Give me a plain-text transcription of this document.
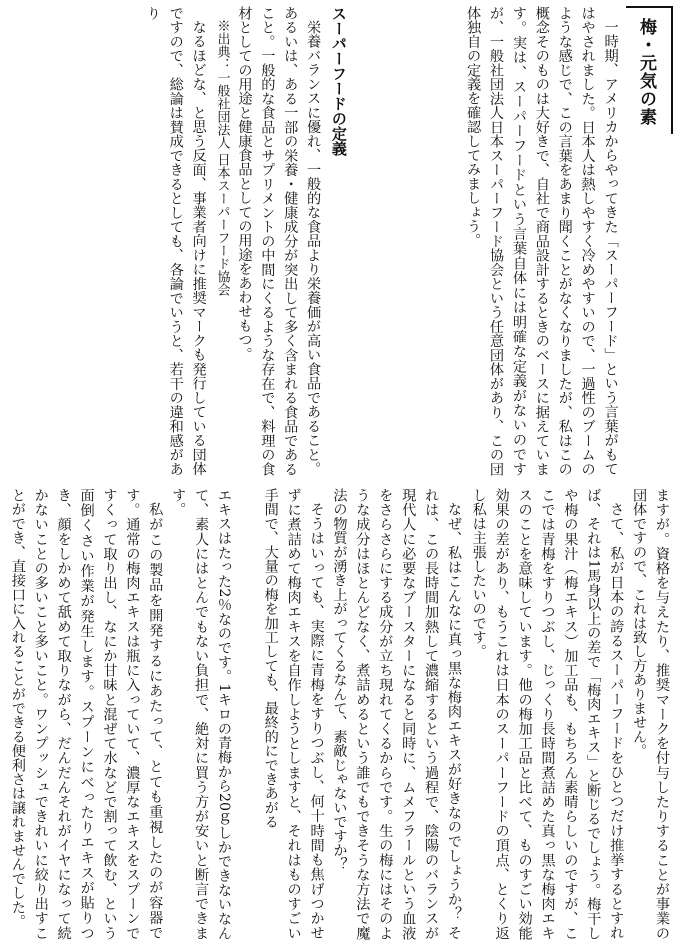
梅・元気の素

一時期、アメリカからやってきた「スーパーフード」という言葉がもてはやされました。日本人は熱しやすく冷めやすいので、一過性のブームのような感じで、この言葉をあまり聞くことがなくなりましたが、私はこの概念そのものは大好きで、自社で商品設計するときのベースに据えています。実は、スーパーフードという言葉自体には明確な定義がないのですが、一般社団法人日本スーパーフード協会という任意団体があり、この団体独自の定義を確認してみましょう。

スーパーフードの定義

栄養バランスに優れ、一般的な食品より栄養価が高い食品であること。あるいは、ある一部の栄養・健康成分が突出して多く含まれる食品であること。一般的な食品とサプリメントの中間にくるような存在で、料理の食材としての用途と健康食品としての用途をあわせもつ。

※出典：一般社団法人 日本スーパーフード協会

なるほどな、と思う反面、事業者向けに推奨マークも発行している団体ですので、総論は賛成できるとしても、各論でいうと、若干の違和感があり

ますが。資格を与えたり、推奨マークを付与したりすることが事業の団体ですので、これは致し方ありません。

さて、私が日本の誇るスーパーフードをひとつだけ推挙するとすれば、それは1馬身以上の差で「梅肉エキス」と断じるでしょう。梅干しや梅の果汁（梅エキス）加工品も、もちろん素晴らしいのですが、ここでは青梅をすりつぶし、じっくり長時間煮詰めた真っ黒な梅肉エキスのことを意味しています。他の梅加工品と比べて、ものすごい効能効果の差があり、もうこれは日本のスーパーフードの頂点、とくり返し私は主張したいのです。

なぜ、私はこんなに真っ黒な梅肉エキスが好きなのでしょうか？ それは、この長時間加熱して濃縮するという過程で、陰陽のバランスが現代人に必要なブースターになると同時に、ムメフラールという血液をさらさらにする成分が立ち現れてくるからです。生の梅にはそのような成分はほとんどなく、煮詰めるという誰でもできそうな方法で魔法の物質が湧き上がってくるなんて、素敵じゃないですか？

そうはいっても、実際に青梅をすりつぶし、何十時間も焦げつかせずに煮詰めて梅肉エキスを自作しようとしますと、それはものすごい手間で、大量の梅を加工しても、最終的にできあがる

エキスはたった2％なのです。1キロの青梅から20ｇしかできないなんて、素人にはとんでもない負担で、絶対に買う方が安いと断言できます。

私がこの製品を開発するにあたって、とても重視したのが容器です。通常の梅肉エキスは瓶に入っていて、濃厚なエキスをスプーンですくって取り出し、なにか甘味と混ぜて水などで割って飲む、という面倒くさい作業が発生します。スプーンにべったりエキスが貼りつき、顔をしかめて舐めて取りながら、だんだんそれがイヤになって続かないことの多いこと多いこと。ワンプッシュできれいに絞り出すことができ、直接口に入れることができる便利さは譲れませんでした。
